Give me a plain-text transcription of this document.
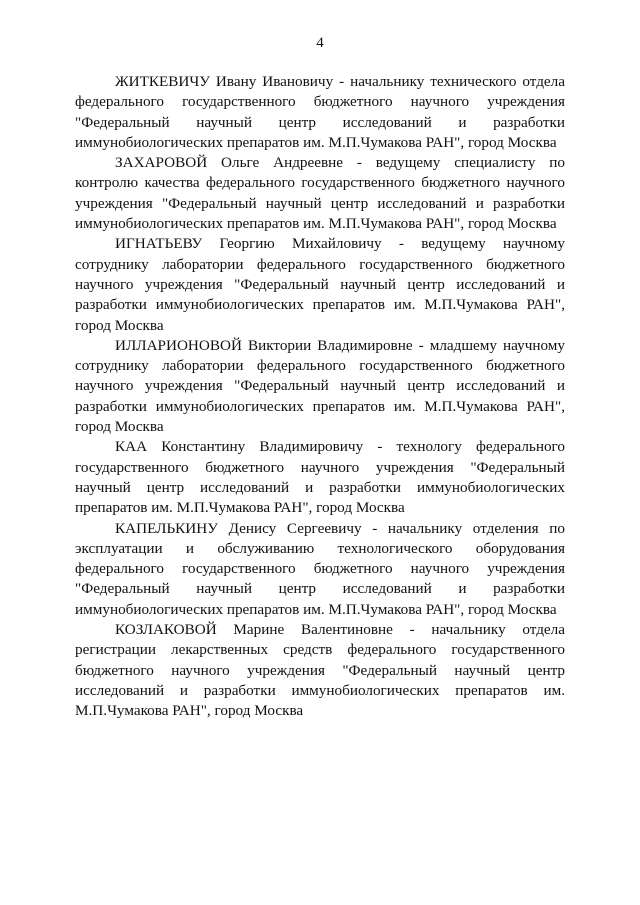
4

ЖИТКЕВИЧУ Ивану Ивановичу - начальнику технического отдела федерального государственного бюджетного научного учреждения "Федеральный научный центр исследований и разработки иммунобиологических препаратов им. М.П.Чумакова РАН", город Москва

ЗАХАРОВОЙ Ольге Андреевне - ведущему специалисту по контролю качества федерального государственного бюджетного научного учреждения "Федеральный научный центр исследований и разработки иммунобиологических препаратов им. М.П.Чумакова РАН", город Москва

ИГНАТЬЕВУ Георгию Михайловичу - ведущему научному сотруднику лаборатории федерального государственного бюджетного научного учреждения "Федеральный научный центр исследований и разработки иммунобиологических препаратов им. М.П.Чумакова РАН", город Москва

ИЛЛАРИОНОВОЙ Виктории Владимировне - младшему научному сотруднику лаборатории федерального государственного бюджетного научного учреждения "Федеральный научный центр исследований и разработки иммунобиологических препаратов им. М.П.Чумакова РАН", город Москва

КАА Константину Владимировичу - технологу федерального государственного бюджетного научного учреждения "Федеральный научный центр исследований и разработки иммунобиологических препаратов им. М.П.Чумакова РАН", город Москва

КАПЕЛЬКИНУ Денису Сергеевичу - начальнику отделения по эксплуатации и обслуживанию технологического оборудования федерального государственного бюджетного научного учреждения "Федеральный научный центр исследований и разработки иммунобиологических препаратов им. М.П.Чумакова РАН", город Москва

КОЗЛАКОВОЙ Марине Валентиновне - начальнику отдела регистрации лекарственных средств федерального государственного бюджетного научного учреждения "Федеральный научный центр исследований и разработки иммунобиологических препаратов им. М.П.Чумакова РАН", город Москва
